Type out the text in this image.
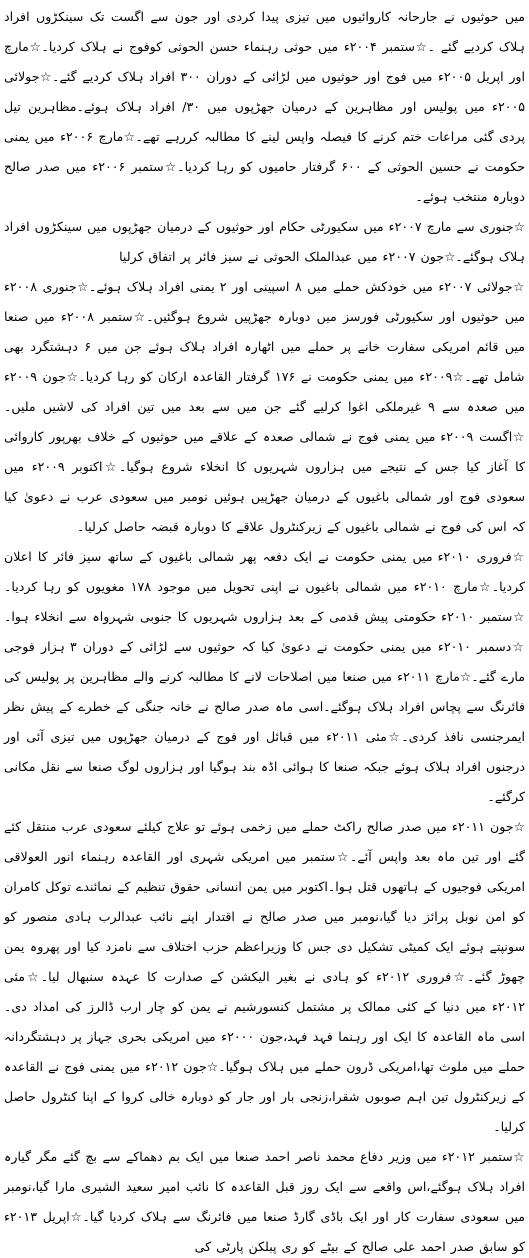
میں حوثیوں نے جارحانہ کاروائیوں میں تیزی پیدا کردی اور جون سے اگست تک سینکڑوں افراد ہلاک کردیے گئے ۔☆ستمبر ۲۰۰۴ء میں حوثی رہنماء حسن الحوثی کوفوج نے ہلاک کردیا۔☆مارچ اور اپریل ۲۰۰۵ء میں فوج اور حوثیوں میں لڑائی کے دوران ۳۰۰ افراد ہلاک کردیے گئے۔☆جولائی ۲۰۰۵ء میں پولیس اور مظاہرین کے درمیان جھڑپوں میں ۳۰/ افراد ہلاک ہوئے۔مظاہرین تیل پردی گئی مراعات ختم کرنے کا فیصلہ واپس لینے کا مطالبہ کررہے تھے۔☆مارچ ۲۰۰۶ء میں یمنی حکومت نے حسین الحوثی کے ۶۰۰ گرفتار حامیوں کو رہا کردیا۔☆ستمبر ۲۰۰۶ء میں صدر صالح دوبارہ منتخب ہوئے۔

☆جنوری سے مارچ ۲۰۰۷ء میں سکیورٹی حکام اور حوثیوں کے درمیان جھڑپوں میں سینکڑوں افراد ہلاک ہوگئے۔☆جون ۲۰۰۷ء میں عبدالملک الحوثی نے سیز فائر پر اتفاق کرلیا

☆جولائی ۲۰۰۷ء میں خودکش حملے میں ۸ اسپینی اور ۲ یمنی افراد ہلاک ہوئے۔☆جنوری ۲۰۰۸ء میں حوثیوں اور سکیورٹی فورسز میں دوبارہ جھڑپیں شروع ہوگئیں۔☆ستمبر ۲۰۰۸ء میں صنعا میں قائم امریکی سفارت خانے پر حملے میں اٹھارہ افراد ہلاک ہوئے جن میں ۶ دہشتگرد بھی شامل تھے۔☆۲۰۰۹ء میں یمنی حکومت نے ۱۷۶ گرفتار القاعدہ ارکان کو رہا کردیا۔☆جون ۲۰۰۹ء میں صعدہ سے ۹ غیرملکی اغوا کرلیے گئے جن میں سے بعد میں تین افراد کی لاشیں ملیں۔☆اگست ۲۰۰۹ء میں یمنی فوج نے شمالی صعدہ کے علاقے میں حوثیوں کے خلاف بھرپور کاروائی کا آغاز کیا جس کے نتیجے میں ہزاروں شہریوں کا انخلاء شروع ہوگیا۔☆اکتوبر ۲۰۰۹ء میں سعودی فوج اور شمالی باغیوں کے درمیان جھڑپیں ہوئیں نومبر میں سعودی عرب نے دعویٰ کیا کہ اس کی فوج نے شمالی باغیوں کے زیرکنٹرول علاقے کا دوبارہ قبضہ حاصل کرلیا۔

☆فروری ۲۰۱۰ء میں یمنی حکومت نے ایک دفعہ پھر شمالی باغیوں کے ساتھ سیز فائر کا اعلان کردیا۔☆مارچ ۲۰۱۰ء میں شمالی باغیوں نے اپنی تحویل میں موجود ۱۷۸ مغویوں کو رہا کردیا۔☆ستمبر ۲۰۱۰ء حکومتی پیش قدمی کے بعد ہزاروں شہریوں کا جنوبی شہرواہ سے انخلاء ہوا۔☆دسمبر ۲۰۱۰ء میں یمنی حکومت نے دعویٰ کیا کہ حوثیوں سے لڑائی کے دوران ۳ ہزار فوجی مارے گئے۔☆مارچ ۲۰۱۱ء میں صنعا میں اصلاحات لانے کا مطالبہ کرنے والے مظاہرین پر پولیس کی فائرنگ سے پچاس افراد ہلاک ہوگئے۔اسی ماہ صدر صالح نے خانہ جنگی کے خطرے کے پیش نظر ایمرجنسی نافذ کردی۔☆مئی ۲۰۱۱ء میں قبائل اور فوج کے درمیان جھڑپوں میں تیزی آئی اور درجنوں افراد ہلاک ہوئے جبکہ صنعا کا ہوائی اڈہ بند ہوگیا اور ہزاروں لوگ صنعا سے نقل مکانی کرگئے۔

☆جون ۲۰۱۱ء میں صدر صالح راکٹ حملے میں زخمی ہوئے تو علاج کیلئے سعودی عرب منتقل کئے گئے اور تین ماہ بعد واپس آئے۔☆ستمبر میں امریکی شہری اور القاعدہ رہنماء انور العولاقی امریکی فوجیوں کے ہاتھوں قتل ہوا۔اکتوبر میں یمن انسانی حقوق تنظیم کے نمائندے توکل کامران کو امن نوبل پرائز دیا گیا،نومبر میں صدر صالح نے اقتدار اپنے نائب عبدالرب ہادی منصور کو سونپتے ہوئے ایک کمیٹی تشکیل دی جس کا وزیراعظم حزب اختلاف سے نامزد کیا اور پھروہ یمن چھوڑ گئے۔☆فروری ۲۰۱۲ء کو ہادی نے بغیر الیکشن کے صدارت کا عہدہ سنبھال لیا۔☆مئی ۲۰۱۲ء میں دنیا کے کئی ممالک پر مشتمل کنسورشیم نے یمن کو چار ارب ڈالرز کی امداد دی۔اسی ماہ القاعدہ کا ایک اور رہنما فہد فہد،جون ۲۰۰۰ء میں امریکی بحری جہاز پر دہشتگردانہ حملے میں ملوث تھا،امریکی ڈرون حملے میں ہلاک ہوگیا۔☆جون ۲۰۱۲ء میں یمنی فوج نے القاعدہ کے زیرکنٹرول تین اہم صوبوں شقرا،زنجی بار اور جار کو دوبارہ خالی کروا کے اپنا کنٹرول حاصل کرلیا۔

☆ستمبر ۲۰۱۲ء میں وزیر دفاع محمد ناصر احمد صنعا میں ایک بم دھماکے سے بچ گئے مگر گیارہ افراد ہلاک ہوگئے،اس واقعے سے ایک روز قبل القاعدہ کا نائب امیر سعید الشیری مارا گیا،نومبر میں سعودی سفارت کار اور ایک باڈی گارڈ صنعا میں فائرنگ سے ہلاک کردیا گیا۔☆اپریل ۲۰۱۳ء کو سابق صدر احمد علی صالح کے بیٹے کو ری پبلکن پارٹی کی
